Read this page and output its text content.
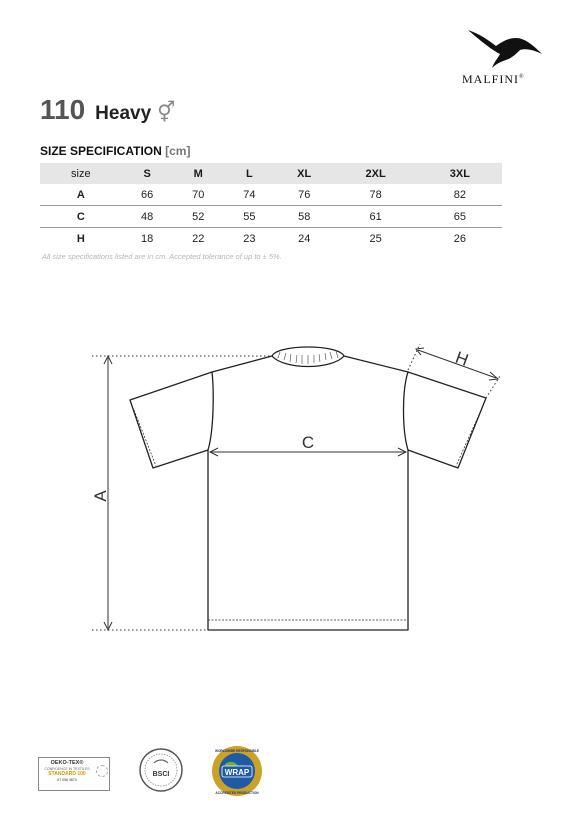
MALFINI®
110 Heavy ⚥
SIZE SPECIFICATION [cm]
size	S	M	L	XL	2XL	3XL
A	66	70	74	76	78	82
C	48	52	55	58	61	65
H	18	22	23	24	25	26
All size specifications listed are in cm. Accepted tolerance of up to ± 5%.
A
C
H
OEKO-TEX®
CONFIDENCE IN TEXTILES
STANDARD 100
67 058 9874
BSCI	WRAP
WORLDWIDE RESPONSIBLE
ACCREDITED PRODUCTION
